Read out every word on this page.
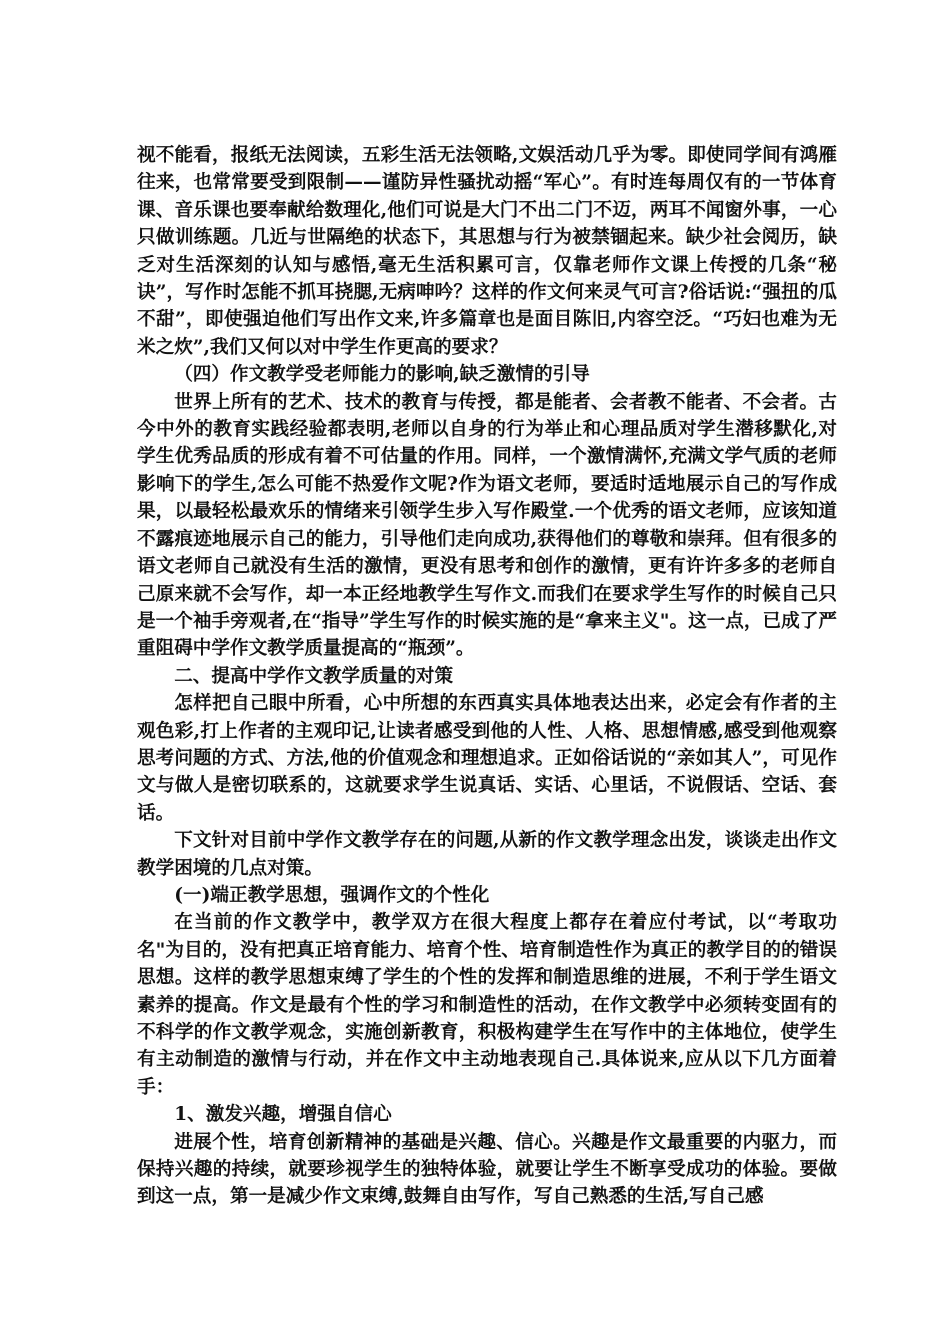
视不能看，报纸无法阅读，五彩生活无法领略,文娱活动几乎为零。即使同学间有鸿雁往来，也常常要受到限制——谨防异性骚扰动摇“军心”。有时连每周仅有的一节体育课、音乐课也要奉献给数理化,他们可说是大门不出二门不迈，两耳不闻窗外事，一心只做训练题。几近与世隔绝的状态下，其思想与行为被禁锢起来。缺少社会阅历，缺乏对生活深刻的认知与感悟,毫无生活积累可言，仅靠老师作文课上传授的几条“秘诀”，写作时怎能不抓耳挠腮,无病呻吟？这样的作文何来灵气可言?俗话说:“强扭的瓜不甜”，即使强迫他们写出作文来,许多篇章也是面目陈旧,内容空泛。“巧妇也难为无米之炊”,我们又何以对中学生作更高的要求？

（四）作文教学受老师能力的影响,缺乏激情的引导

世界上所有的艺术、技术的教育与传授，都是能者、会者教不能者、不会者。古今中外的教育实践经验都表明,老师以自身的行为举止和心理品质对学生潜移默化,对学生优秀品质的形成有着不可估量的作用。同样，一个激情满怀,充满文学气质的老师影响下的学生,怎么可能不热爱作文呢?作为语文老师，要适时适地展示自己的写作成果，以最轻松最欢乐的情绪来引领学生步入写作殿堂.一个优秀的语文老师，应该知道不露痕迹地展示自己的能力，引导他们走向成功,获得他们的尊敬和崇拜。但有很多的语文老师自己就没有生活的激情，更没有思考和创作的激情，更有许许多多的老师自己原来就不会写作，却一本正经地教学生写作文.而我们在要求学生写作的时候自己只是一个袖手旁观者,在“指导”学生写作的时候实施的是“拿来主义"。这一点，已成了严重阻碍中学作文教学质量提高的“瓶颈”。

二、提高中学作文教学质量的对策

怎样把自己眼中所看，心中所想的东西真实具体地表达出来，必定会有作者的主观色彩,打上作者的主观印记,让读者感受到他的人性、人格、思想情感,感受到他观察思考问题的方式、方法,他的价值观念和理想追求。正如俗话说的“亲如其人”，可见作文与做人是密切联系的，这就要求学生说真话、实话、心里话，不说假话、空话、套话。

下文针对目前中学作文教学存在的问题,从新的作文教学理念出发，谈谈走出作文教学困境的几点对策。

(一)端正教学思想，强调作文的个性化

在当前的作文教学中，教学双方在很大程度上都存在着应付考试，以“考取功名"为目的，没有把真正培育能力、培育个性、培育制造性作为真正的教学目的的错误思想。这样的教学思想束缚了学生的个性的发挥和制造思维的进展，不利于学生语文素养的提高。作文是最有个性的学习和制造性的活动，在作文教学中必须转变固有的不科学的作文教学观念，实施创新教育，积极构建学生在写作中的主体地位，使学生有主动制造的激情与行动，并在作文中主动地表现自己.具体说来,应从以下几方面着手：

1、激发兴趣，增强自信心

进展个性，培育创新精神的基础是兴趣、信心。兴趣是作文最重要的内驱力，而保持兴趣的持续，就要珍视学生的独特体验，就要让学生不断享受成功的体验。要做到这一点，第一是减少作文束缚,鼓舞自由写作，写自己熟悉的生活,写自己感
